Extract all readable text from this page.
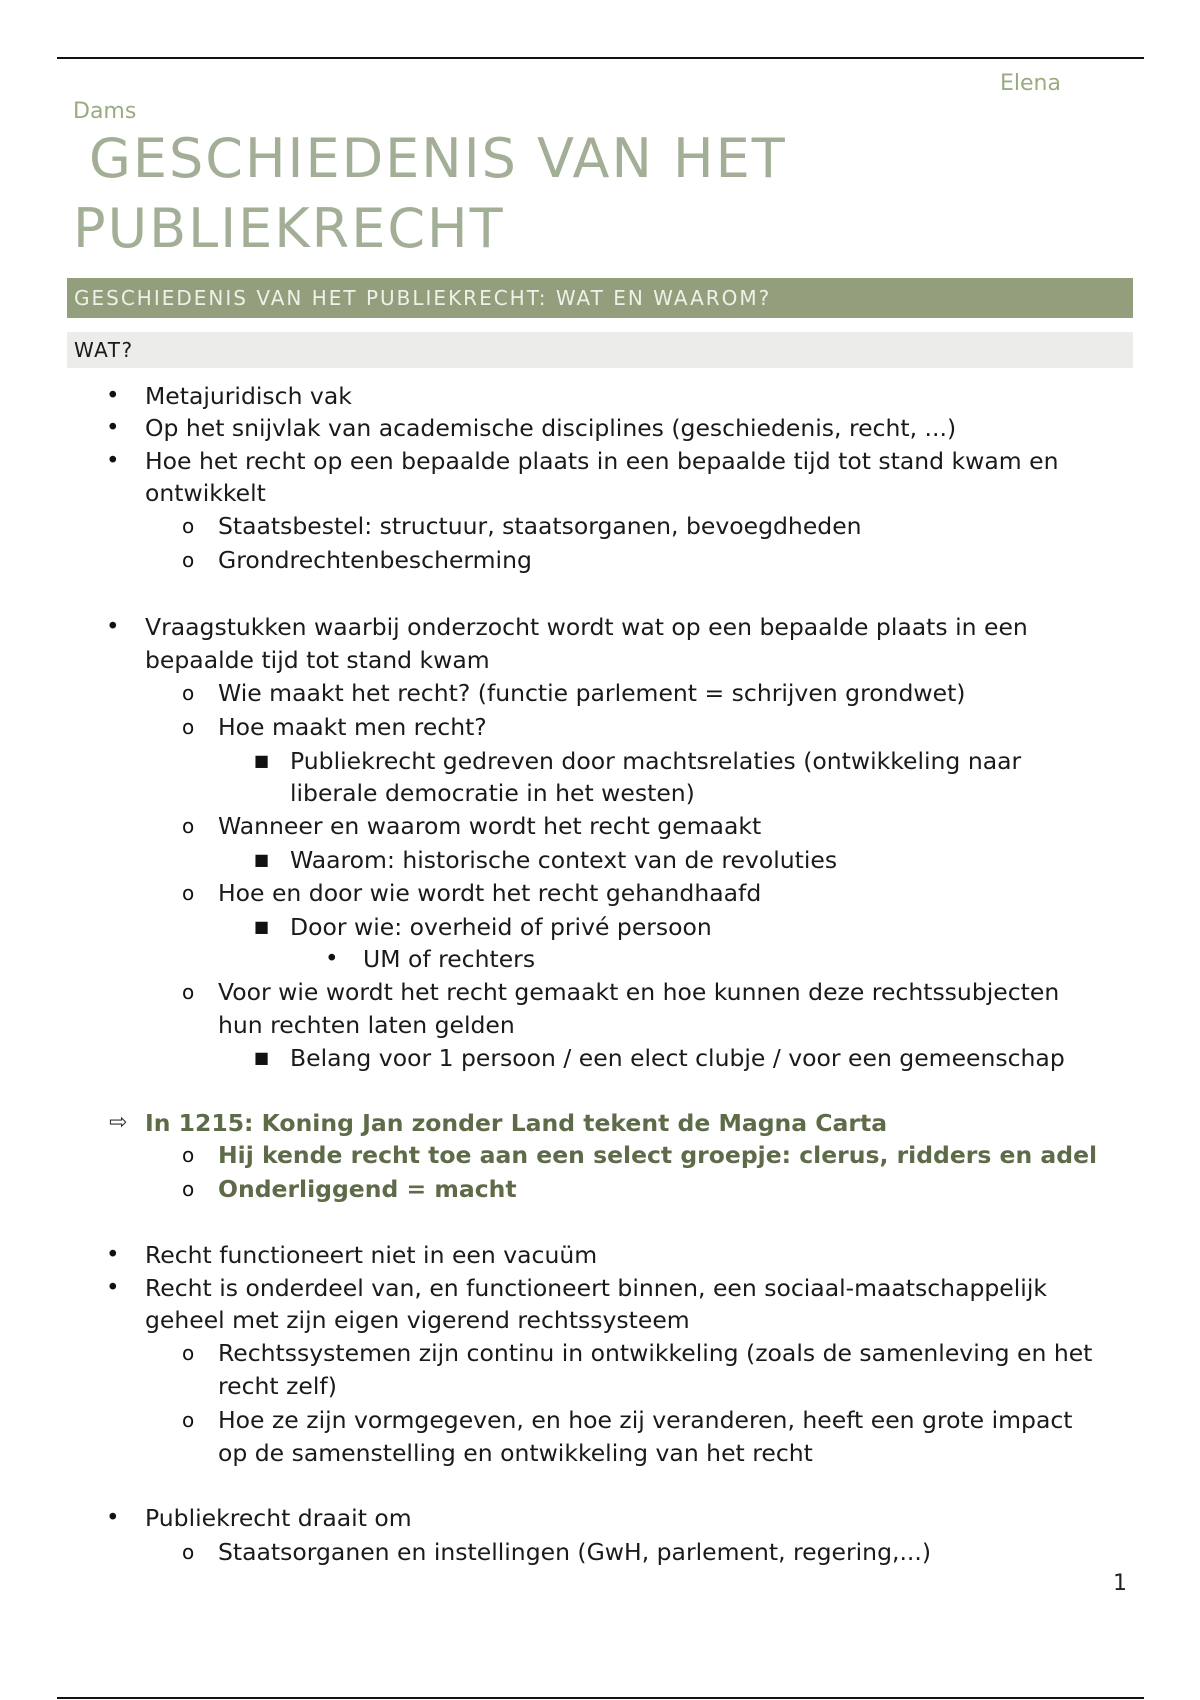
Elena
Dams
GESCHIEDENIS VAN HET
PUBLIEKRECHT
GESCHIEDENIS VAN HET PUBLIEKRECHT: WAT EN WAAROM?
WAT?
• Metajuridisch vak
• Op het snijvlak van academische disciplines (geschiedenis, recht, ...)
• Hoe het recht op een bepaalde plaats in een bepaalde tijd tot stand kwam en
ontwikkelt
o Staatsbestel: structuur, staatsorganen, bevoegdheden
o Grondrechtenbescherming
• Vraagstukken waarbij onderzocht wordt wat op een bepaalde plaats in een
bepaalde tijd tot stand kwam
o Wie maakt het recht? (functie parlement = schrijven grondwet)
o Hoe maakt men recht?
■ Publiekrecht gedreven door machtsrelaties (ontwikkeling naar
liberale democratie in het westen)
o Wanneer en waarom wordt het recht gemaakt
■ Waarom: historische context van de revoluties
o Hoe en door wie wordt het recht gehandhaafd
■ Door wie: overheid of privé persoon
• UM of rechters
o Voor wie wordt het recht gemaakt en hoe kunnen deze rechtssubjecten
hun rechten laten gelden
■ Belang voor 1 persoon / een elect clubje / voor een gemeenschap
⇨ In 1215: Koning Jan zonder Land tekent de Magna Carta
o Hij kende recht toe aan een select groepje: clerus, ridders en adel
o Onderliggend = macht
• Recht functioneert niet in een vacuüm
• Recht is onderdeel van, en functioneert binnen, een sociaal-maatschappelijk
geheel met zijn eigen vigerend rechtssysteem
o Rechtssystemen zijn continu in ontwikkeling (zoals de samenleving en het
recht zelf)
o Hoe ze zijn vormgegeven, en hoe zij veranderen, heeft een grote impact
op de samenstelling en ontwikkeling van het recht
• Publiekrecht draait om
o Staatsorganen en instellingen (GwH, parlement, regering,...)
1
